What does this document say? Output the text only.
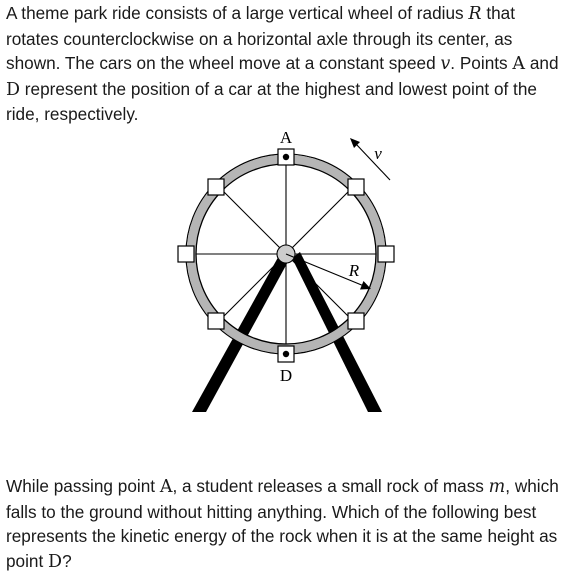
A theme park ride consists of a large vertical wheel of radius R that rotates counterclockwise on a horizontal axle through its center, as shown. The cars on the wheel move at a constant speed v. Points A and D represent the position of a car at the highest and lowest point of the ride, respectively.

A
D
R
v

While passing point A, a student releases a small rock of mass m, which falls to the ground without hitting anything. Which of the following best represents the kinetic energy of the rock when it is at the same height as point D?
